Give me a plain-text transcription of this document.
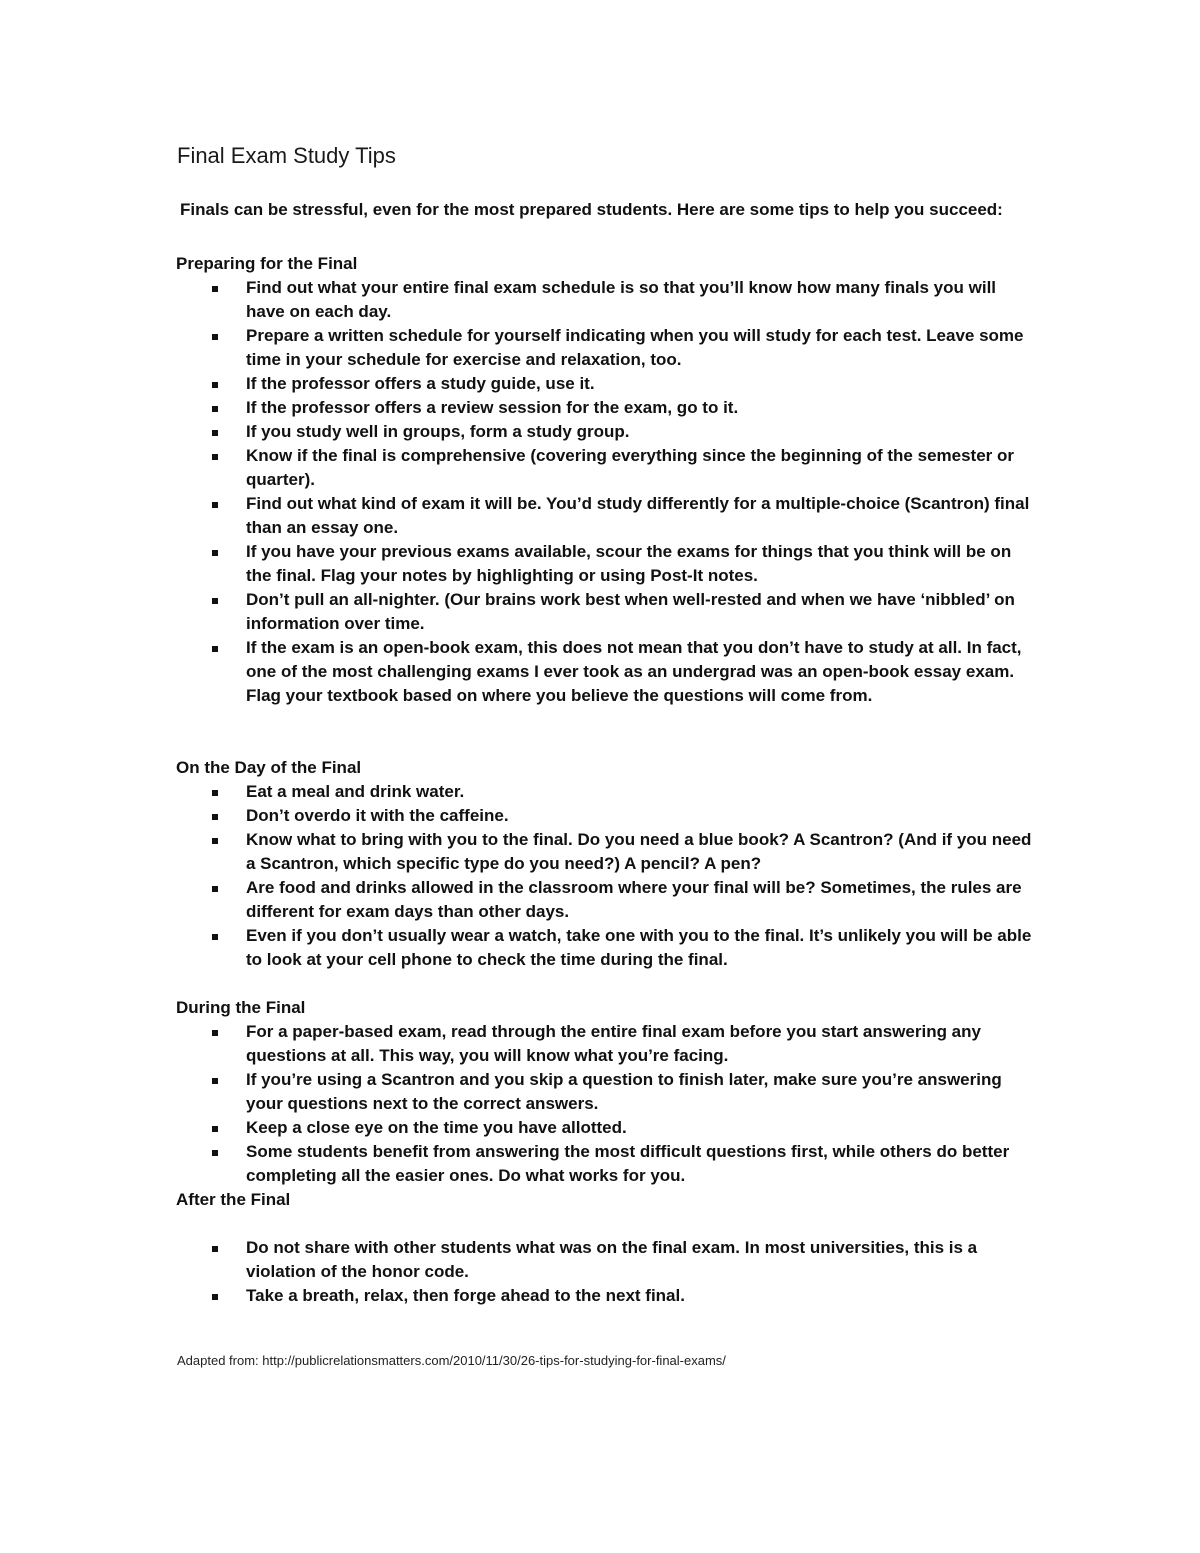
Final Exam Study Tips

Finals can be stressful, even for the most prepared students. Here are some tips to help you succeed:

Preparing for the Final

Find out what your entire final exam schedule is so that you’ll know how many finals you will have on each day.
Prepare a written schedule for yourself indicating when you will study for each test. Leave some time in your schedule for exercise and relaxation, too.
If the professor offers a study guide, use it.
If the professor offers a review session for the exam, go to it.
If you study well in groups, form a study group.
Know if the final is comprehensive (covering everything since the beginning of the semester or quarter).
Find out what kind of exam it will be. You’d study differently for a multiple-choice (Scantron) final than an essay one.
If you have your previous exams available, scour the exams for things that you think will be on the final. Flag your notes by highlighting or using Post-It notes.
Don’t pull an all-nighter. (Our brains work best when well-rested and when we have ‘nibbled’ on information over time.
If the exam is an open-book exam, this does not mean that you don’t have to study at all. In fact, one of the most challenging exams I ever took as an undergrad was an open-book essay exam. Flag your textbook based on where you believe the questions will come from.

On the Day of the Final

Eat a meal and drink water.
Don’t overdo it with the caffeine.
Know what to bring with you to the final. Do you need a blue book? A Scantron? (And if you need a Scantron, which specific type do you need?) A pencil? A pen?
Are food and drinks allowed in the classroom where your final will be? Sometimes, the rules are different for exam days than other days.
Even if you don’t usually wear a watch, take one with you to the final. It’s unlikely you will be able to look at your cell phone to check the time during the final.

During the Final

For a paper-based exam, read through the entire final exam before you start answering any questions at all. This way, you will know what you’re facing.
If you’re using a Scantron and you skip a question to finish later, make sure you’re answering your questions next to the correct answers.
Keep a close eye on the time you have allotted.
Some students benefit from answering the most difficult questions first, while others do better completing all the easier ones. Do what works for you.

After the Final

Do not share with other students what was on the final exam. In most universities, this is a violation of the honor code.
Take a breath, relax, then forge ahead to the next final.

Adapted from: http://publicrelationsmatters.com/2010/11/30/26-tips-for-studying-for-final-exams/
